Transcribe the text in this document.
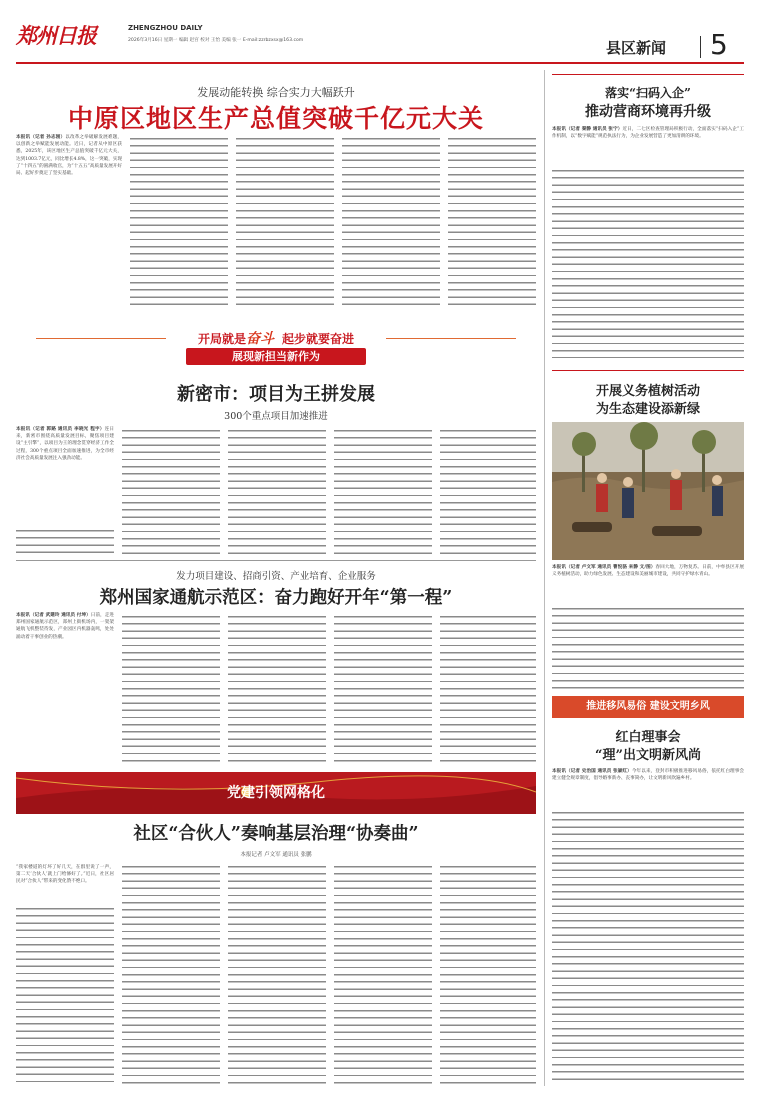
郑州日报	ZHENGZHOU DAILY
2026年3月16日 星期一 编辑 赵宫 校对 王怡 美编 张一 E-mail:zzrbzxsx@163.com	县区新闻 5
发展动能转换 综合实力大幅跃升
中原区地区生产总值突破千亿元大关
本报讯（记者 孙志刚）以改革之举破解发展难题，以创新之举赋能发展动能。近日，记者从中原区获悉，2025年，该区地区生产总值突破千亿元大关，达到1003.7亿元，同比增长4.8%，这一突破，实现了“十四五”的圆满收官，为“十五五”高质量发展开好局、起好步奠定了坚实基础。
落实“扫码入企”
推动营商环境再升级
本报讯（记者 秦静 通讯员 张宁）近日，二七区检查管理局积极行动，全面落实“扫码入企”工作机制，以“数字赋能”规范执法行为，为企业发展营造了更加清朗的环境。
开局就是奋斗 起步就要奋进
展现新担当新作为
新密市：项目为王拼发展
300个重点项目加速推进
本报讯（记者 郭路 通讯员 李晓光 程宇）连日来，新密市围绕高质量发展目标，聚焦项目建设“主引擎”，以项目为王的理念贯穿经济工作全过程，300个重点项目全面加速推进，为全市经济社会高质量发展注入强劲动能。
开展义务植树活动
为生态建设添新绿
本报讯（记者 卢文军 通讯员 曹悦骆 来静 文/图）春回大地，万物复苏。日前，中牟县区开展义务植树活动，助力绿色发展、生态建设和美丽城市建设，共同守护绿水青山。
发力项目建设、招商引资、产业培育、企业服务
郑州国家通航示范区：奋力跑好开年“第一程”
本报讯（记者 武建玲 通讯员 付坤）日前，走进郑州国家通航示范区，郑州上街机场内，一架架通航飞机整装待发，产业园区内机器轰鸣，处处涌动着干事创业的热潮。
推进移风易俗 建设文明乡风
红白理事会
“理”出文明新风尚
本报讯（记者 史治国 通讯员 张颖红）今年以来，登封市积极推进移风易俗，依托红白理事会建立健全规章制度，倡导婚事新办、丧事简办，让文明新风吹遍乡村。
党建引领网格化
社区“合伙人”奏响基层治理“协奏曲”
本报记者 卢文军 通讯员 张鹏
“我家楼道的灯坏了好几天，在群里说了一声，第二天‘合伙人’就上门给修好了。”近日，社区居民对“合伙人”带来的变化赞不绝口。
